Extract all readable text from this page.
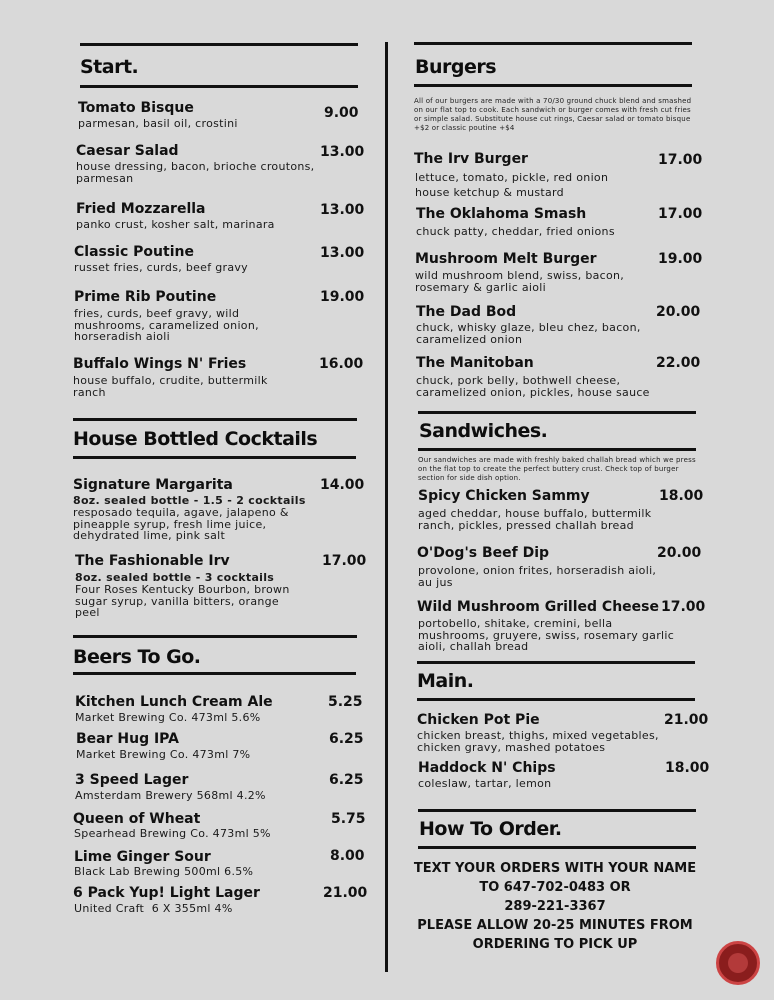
Start.
Tomato Bisque	9.00
parmesan, basil oil, crostini
Caesar Salad	13.00
house dressing, bacon, brioche croutons, parmesan
Fried Mozzarella	13.00
panko crust, kosher salt, marinara
Classic Poutine	13.00
russet fries, curds, beef gravy
Prime Rib Poutine	19.00
fries, curds, beef gravy, wild mushrooms, caramelized onion, horseradish aioli
Buffalo Wings N' Fries	16.00
house buffalo, crudite, buttermilk ranch
House Bottled Cocktails
Signature Margarita	14.00
8oz. sealed bottle - 1.5 - 2 cocktails
resposado tequila, agave, jalapeno & pineapple syrup, fresh lime juice, dehydrated lime, pink salt
The Fashionable Irv	17.00
8oz. sealed bottle - 3 cocktails
Four Roses Kentucky Bourbon, brown sugar syrup, vanilla bitters, orange peel
Beers To Go.
Kitchen Lunch Cream Ale	5.25
Market Brewing Co. 473ml 5.6%
Bear Hug IPA	6.25
Market Brewing Co. 473ml 7%
3 Speed Lager	6.25
Amsterdam Brewery 568ml 4.2%
Queen of Wheat	5.75
Spearhead Brewing Co. 473ml 5%
Lime Ginger Sour	8.00
Black Lab Brewing 500ml 6.5%
6 Pack Yup! Light Lager	21.00
United Craft  6 X 355ml 4%
Burgers
All of our burgers are made with a 70/30 ground chuck blend and smashed on our flat top to cook. Each sandwich or burger comes with fresh cut fries or simple salad. Substitute house cut rings, Caesar salad or tomato bisque +$2 or classic poutine +$4
The Irv Burger	17.00
lettuce, tomato, pickle, red onion house ketchup & mustard
The Oklahoma Smash	17.00
chuck patty, cheddar, fried onions
Mushroom Melt Burger	19.00
wild mushroom blend, swiss, bacon, rosemary & garlic aioli
The Dad Bod	20.00
chuck, whisky glaze, bleu chez, bacon, caramelized onion
The Manitoban	22.00
chuck, pork belly, bothwell cheese, caramelized onion, pickles, house sauce
Sandwiches.
Our sandwiches are made with freshly baked challah bread which we press on the flat top to create the perfect buttery crust. Check top of burger section for side dish option.
Spicy Chicken Sammy	18.00
aged cheddar, house buffalo, buttermilk ranch, pickles, pressed challah bread
O'Dog's Beef Dip	20.00
provolone, onion frites, horseradish aioli, au jus
Wild Mushroom Grilled Cheese 17.00
portobello, shitake, cremini, bella mushrooms, gruyere, swiss, rosemary garlic aioli, challah bread
Main.
Chicken Pot Pie	21.00
chicken breast, thighs, mixed vegetables, chicken gravy, mashed potatoes
Haddock N' Chips	18.00
coleslaw, tartar, lemon
How To Order.
TEXT YOUR ORDERS WITH YOUR NAME
TO 647-702-0483 OR
289-221-3367
PLEASE ALLOW 20-25 MINUTES FROM
ORDERING TO PICK UP
